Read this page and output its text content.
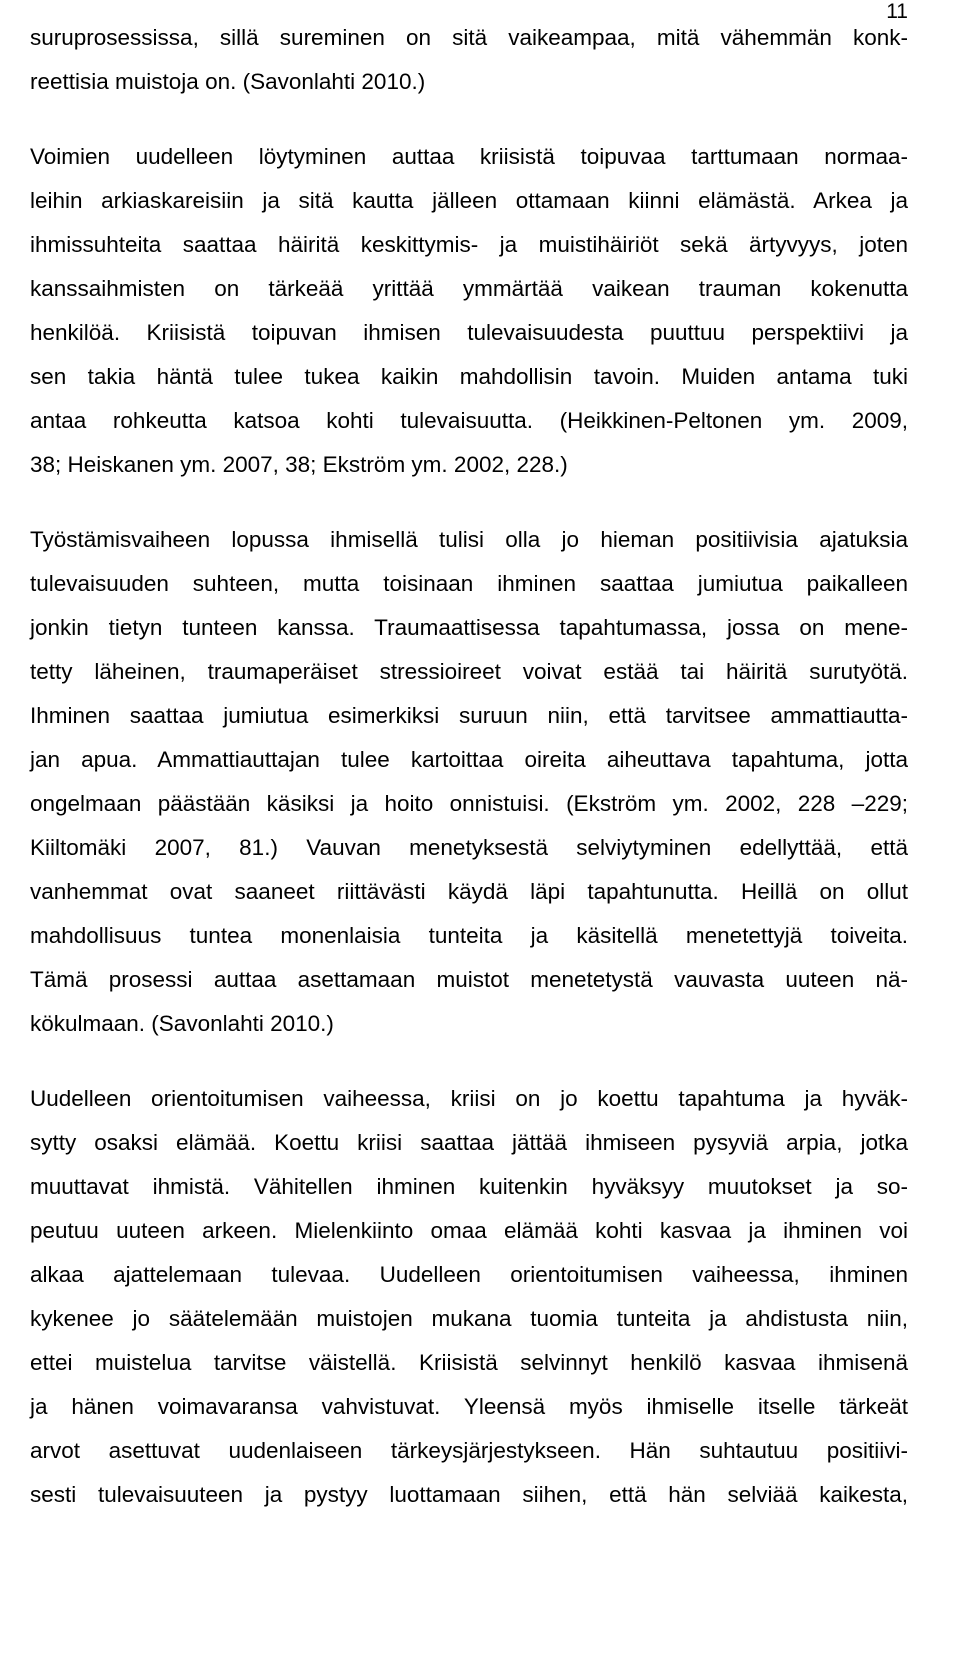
11
suruprosessissa, sillä sureminen on sitä vaikeampaa, mitä vähemmän konk-
reettisia muistoja on. (Savonlahti 2010.)
Voimien uudelleen löytyminen auttaa kriisistä toipuvaa tarttumaan normaa-
leihin arkiaskareisiin ja sitä kautta jälleen ottamaan kiinni elämästä. Arkea ja
ihmissuhteita saattaa häiritä keskittymis- ja muistihäiriöt sekä ärtyvyys, joten
kanssaihmisten on tärkeää yrittää ymmärtää vaikean trauman kokenutta
henkilöä. Kriisistä toipuvan ihmisen tulevaisuudesta puuttuu perspektiivi ja
sen takia häntä tulee tukea kaikin mahdollisin tavoin. Muiden antama tuki
antaa rohkeutta katsoa kohti tulevaisuutta. (Heikkinen-Peltonen ym. 2009,
38; Heiskanen ym. 2007, 38; Ekström ym. 2002, 228.)
Työstämisvaiheen lopussa ihmisellä tulisi olla jo hieman positiivisia ajatuksia
tulevaisuuden suhteen, mutta toisinaan ihminen saattaa jumiutua paikalleen
jonkin tietyn tunteen kanssa. Traumaattisessa tapahtumassa, jossa on mene-
tetty läheinen, traumaperäiset stressioireet voivat estää tai häiritä surutyötä.
Ihminen saattaa jumiutua esimerkiksi suruun niin, että tarvitsee ammattiautta-
jan apua. Ammattiauttajan tulee kartoittaa oireita aiheuttava tapahtuma, jotta
ongelmaan päästään käsiksi ja hoito onnistuisi. (Ekström ym. 2002, 228 –229;
Kiiltomäki 2007, 81.) Vauvan menetyksestä selviytyminen edellyttää, että
vanhemmat ovat saaneet riittävästi käydä läpi tapahtunutta. Heillä on ollut
mahdollisuus tuntea monenlaisia tunteita ja käsitellä menetettyjä toiveita.
Tämä prosessi auttaa asettamaan muistot menetetystä vauvasta uuteen nä-
kökulmaan. (Savonlahti 2010.)
Uudelleen orientoitumisen vaiheessa, kriisi on jo koettu tapahtuma ja hyväk-
sytty osaksi elämää. Koettu kriisi saattaa jättää ihmiseen pysyviä arpia, jotka
muuttavat ihmistä. Vähitellen ihminen kuitenkin hyväksyy muutokset ja so-
peutuu uuteen arkeen. Mielenkiinto omaa elämää kohti kasvaa ja ihminen voi
alkaa ajattelemaan tulevaa. Uudelleen orientoitumisen vaiheessa, ihminen
kykenee jo säätelemään muistojen mukana tuomia tunteita ja ahdistusta niin,
ettei muistelua tarvitse väistellä. Kriisistä selvinnyt henkilö kasvaa ihmisenä
ja hänen voimavaransa vahvistuvat. Yleensä myös ihmiselle itselle tärkeät
arvot asettuvat uudenlaiseen tärkeysjärjestykseen. Hän suhtautuu positiivi-
sesti tulevaisuuteen ja pystyy luottamaan siihen, että hän selviää kaikesta,
